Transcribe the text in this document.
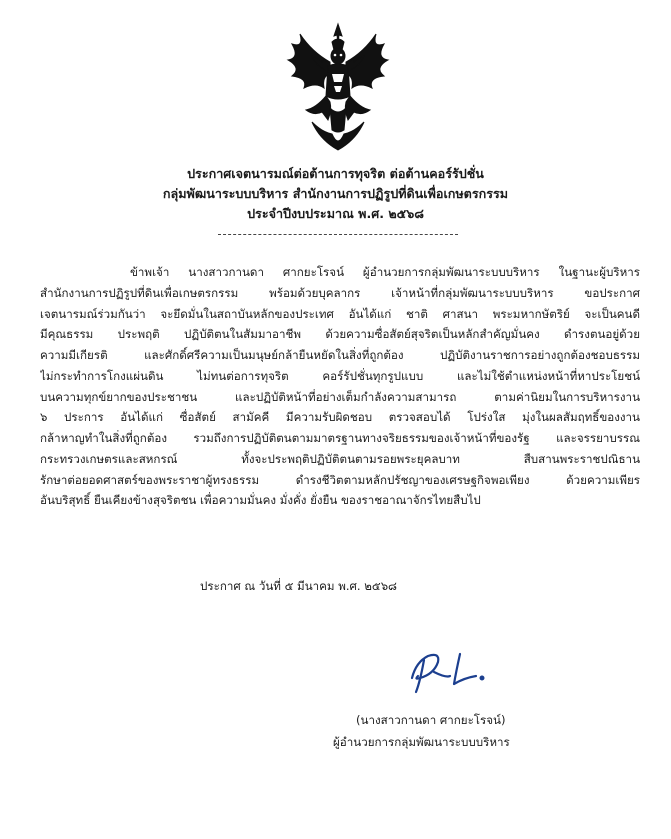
ประกาศเจตนารมณ์ต่อต้านการทุจริต ต่อต้านคอร์รัปชั่น
กลุ่มพัฒนาระบบบริหาร สำนักงานการปฏิรูปที่ดินเพื่อเกษตรกรรม
ประจำปีงบประมาณ พ.ศ. ๒๕๖๘
ข้าพเจ้า นางสาวกานดา ศากยะโรจน์ ผู้อำนวยการกลุ่มพัฒนาระบบบริหาร ในฐานะผู้บริหาร
สำนักงานการปฏิรูปที่ดินเพื่อเกษตรกรรม พร้อมด้วยบุคลากร เจ้าหน้าที่กลุ่มพัฒนาระบบบริหาร ขอประกาศ
เจตนารมณ์ร่วมกันว่า จะยึดมั่นในสถาบันหลักของประเทศ อันได้แก่ ชาติ ศาสนา พระมหากษัตริย์ จะเป็นคนดี
มีคุณธรรม ประพฤติ ปฏิบัติตนในสัมมาอาชีพ ด้วยความซื่อสัตย์สุจริตเป็นหลักสำคัญมั่นคง ดำรงตนอยู่ด้วย
ความมีเกียรติ และศักดิ์ศรีความเป็นมนุษย์กล้ายืนหยัดในสิ่งที่ถูกต้อง ปฏิบัติงานราชการอย่างถูกต้องชอบธรรม
ไม่กระทำการโกงแผ่นดิน ไม่ทนต่อการทุจริต คอร์รัปชั่นทุกรูปแบบ และไม่ใช้ตำแหน่งหน้าที่หาประโยชน์
บนความทุกข์ยากของประชาชน และปฏิบัติหน้าที่อย่างเต็มกำลังความสามารถ ตามค่านิยมในการบริหารงาน
๖ ประการ อันได้แก่ ซื่อสัตย์ สามัคคี มีความรับผิดชอบ ตรวจสอบได้ โปร่งใส มุ่งในผลสัมฤทธิ์ของงาน
กล้าหาญทำในสิ่งที่ถูกต้อง รวมถึงการปฏิบัติตนตามมาตรฐานทางจริยธรรมของเจ้าหน้าที่ของรัฐ และจรรยาบรรณ
กระทรวงเกษตรและสหกรณ์ ทั้งจะประพฤติปฏิบัติตนตามรอยพระยุคลบาท สืบสานพระราชปณิธาน
รักษาต่อยอดศาสตร์ของพระราชาผู้ทรงธรรม ดำรงชีวิตตามหลักปรัชญาของเศรษฐกิจพอเพียง ด้วยความเพียร
อันบริสุทธิ์ ยืนเคียงข้างสุจริตชน เพื่อความมั่นคง มั่งคั่ง ยั่งยืน ของราชอาณาจักรไทยสืบไป
ประกาศ ณ วันที่ ๕ มีนาคม พ.ศ. ๒๕๖๘
(นางสาวกานดา ศากยะโรจน์)
ผู้อำนวยการกลุ่มพัฒนาระบบบริหาร
